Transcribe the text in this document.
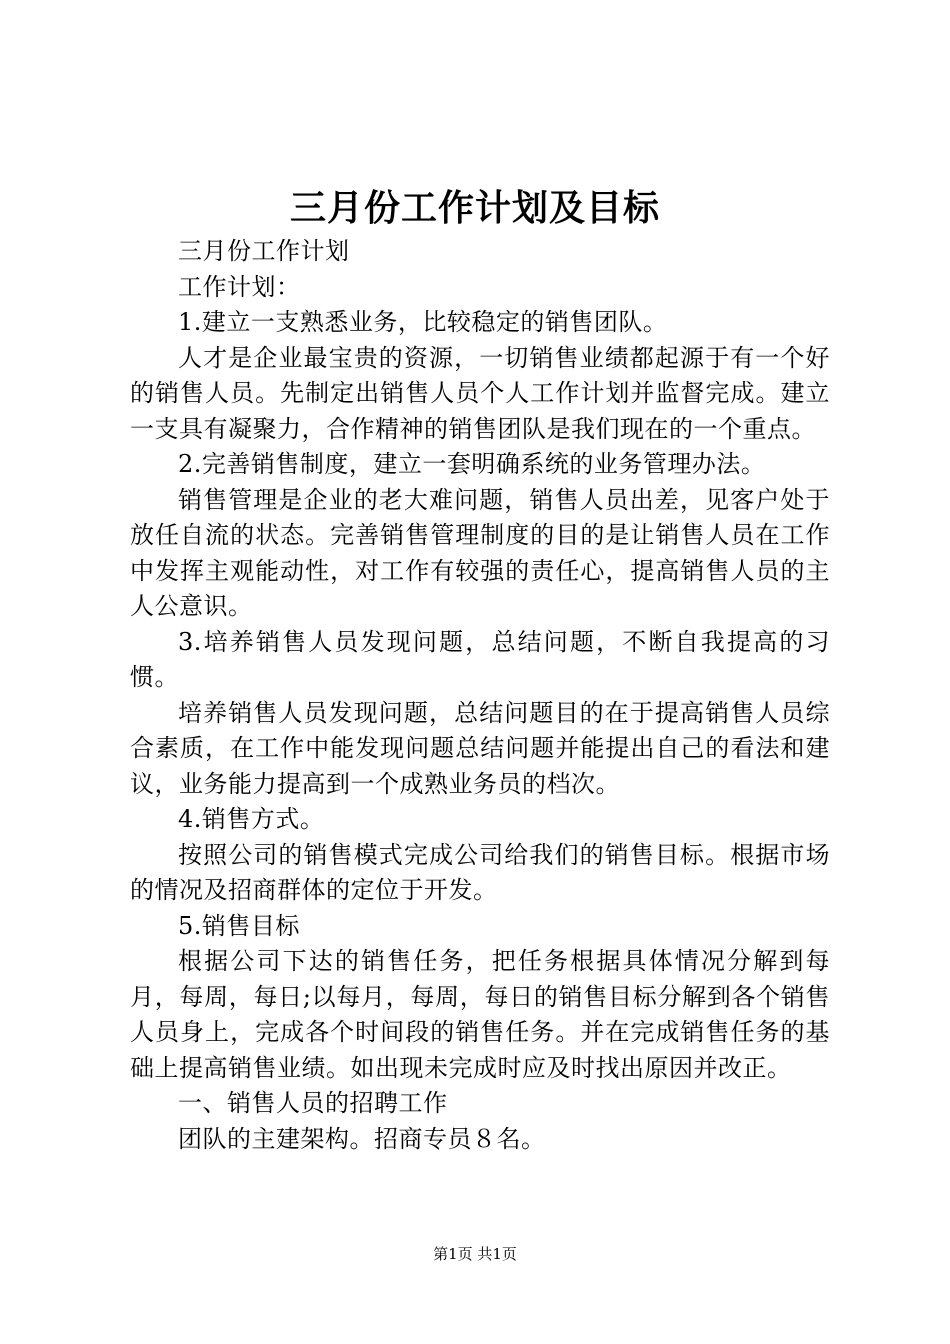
三月份工作计划及目标

三月份工作计划

工作计划：

1.建立一支熟悉业务，比较稳定的销售团队。

人才是企业最宝贵的资源，一切销售业绩都起源于有一个好的销售人员。先制定出销售人员个人工作计划并监督完成。建立一支具有凝聚力，合作精神的销售团队是我们现在的一个重点。

2.完善销售制度，建立一套明确系统的业务管理办法。

销售管理是企业的老大难问题，销售人员出差，见客户处于放任自流的状态。完善销售管理制度的目的是让销售人员在工作中发挥主观能动性，对工作有较强的责任心，提高销售人员的主人公意识。

3.培养销售人员发现问题，总结问题，不断自我提高的习惯。

培养销售人员发现问题，总结问题目的在于提高销售人员综合素质，在工作中能发现问题总结问题并能提出自己的看法和建议，业务能力提高到一个成熟业务员的档次。

4.销售方式。

按照公司的销售模式完成公司给我们的销售目标。根据市场的情况及招商群体的定位于开发。

5.销售目标

根据公司下达的销售任务，把任务根据具体情况分解到每月，每周，每日;以每月，每周，每日的销售目标分解到各个销售人员身上，完成各个时间段的销售任务。并在完成销售任务的基础上提高销售业绩。如出现未完成时应及时找出原因并改正。

一、销售人员的招聘工作

团队的主建架构。招商专员８名。

第1页 共1页
